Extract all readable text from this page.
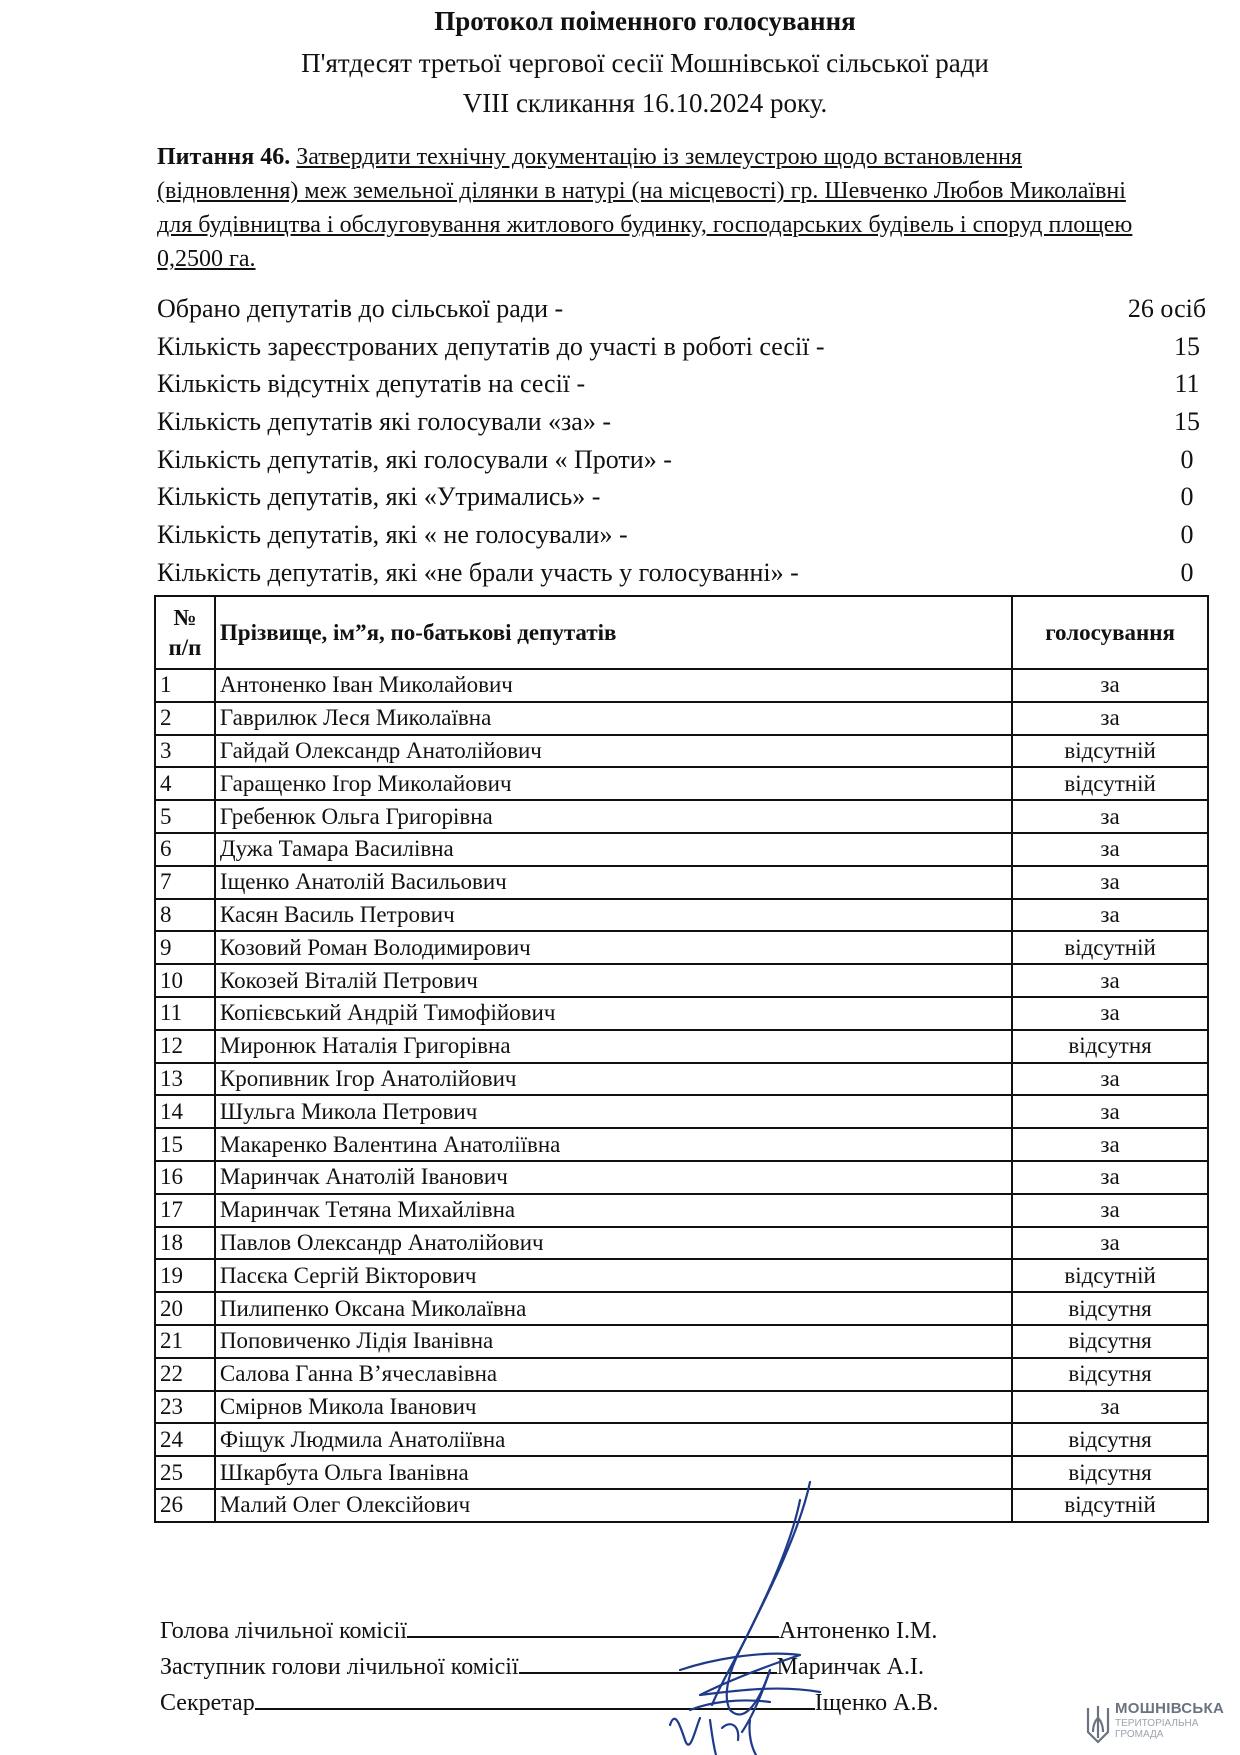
Протокол поіменного голосування
П'ятдесят третьої чергової сесії Мошнівської сільської ради
VIII скликання 16.10.2024 року.
Питання 46. Затвердити технічну документацію із землеустрою щодо встановлення (відновлення) меж земельної ділянки в натурі (на місцевості) гр. Шевченко Любов Миколаївні для будівництва і обслуговування житлового будинку, господарських будівель і споруд площею 0,2500 га.
Обрано депутатів до сільської ради -	26 осіб
Кількість зареєстрованих депутатів до участі в роботі сесії -	15
Кількість відсутніх депутатів на сесії -	11
Кількість депутатів які голосували «за» -	15
Кількість депутатів, які голосували « Проти» -	0
Кількість депутатів, які «Утримались» -	0
Кількість депутатів, які « не голосували» -	0
Кількість депутатів, які «не брали участь у голосуванні» -	0
№
п/п	Прізвище, ім”я, по-батькові депутатів	голосування
1	Антоненко Іван Миколайович	за
2	Гаврилюк Леся Миколаївна	за
3	Гайдай Олександр Анатолійович	відсутній
4	Гаращенко Ігор Миколайович	відсутній
5	Гребенюк Ольга Григорівна	за
6	Дужа Тамара Василівна	за
7	Іщенко Анатолій Васильович	за
8	Касян Василь Петрович	за
9	Козовий Роман Володимирович	відсутній
10	Кокозей Віталій Петрович	за
11	Копієвський Андрій Тимофійович	за
12	Миронюк Наталія Григорівна	відсутня
13	Кропивник Ігор Анатолійович	за
14	Шульга Микола Петрович	за
15	Макаренко Валентина Анатоліївна	за
16	Маринчак Анатолій Іванович	за
17	Маринчак Тетяна Михайлівна	за
18	Павлов Олександр Анатолійович	за
19	Пасєка Сергій Вікторович	відсутній
20	Пилипенко Оксана Миколаївна	відсутня
21	Поповиченко Лідія Іванівна	відсутня
22	Салова Ганна В’ячеславівна	відсутня
23	Смірнов Микола Іванович	за
24	Фіщук Людмила Анатоліївна	відсутня
25	Шкарбута Ольга Іванівна	відсутня
26	Малий Олег Олексійович	відсутній
Голова лічильної комісії	Антоненко І.М.
Заступник голови лічильної комісії	Маринчак А.І.
Секретар	Іщенко А.В.	МОШНІВСЬКА
ТЕРИТОРІАЛЬНА
ГРОМАДА
